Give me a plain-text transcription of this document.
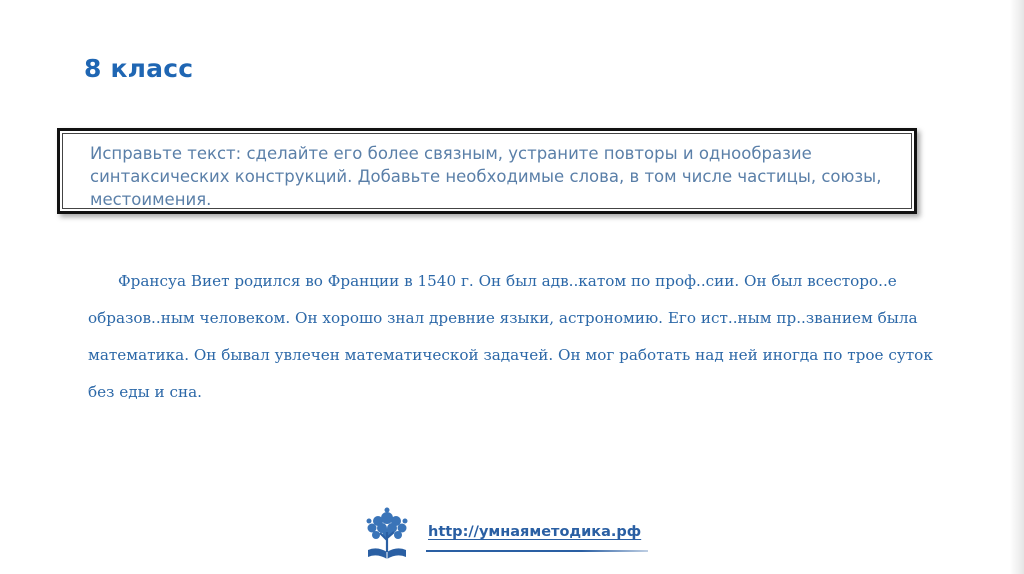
8 класс
Исправьте текст: сделайте его более связным, устраните повторы и однообразие синтаксических конструкций. Добавьте необходимые слова, в том числе частицы, союзы, местоимения.
Франсуа Виет родился во Франции в 1540 г. Он был адв..катом по проф..сии. Он был всесторо..е образов..ным человеком. Он хорошо знал древние языки, астрономию. Его ист..ным пр..званием была математика. Он бывал увлечен математической задачей. Он мог работать над ней иногда по трое суток без еды и сна.
http://умнаяметодика.рф
